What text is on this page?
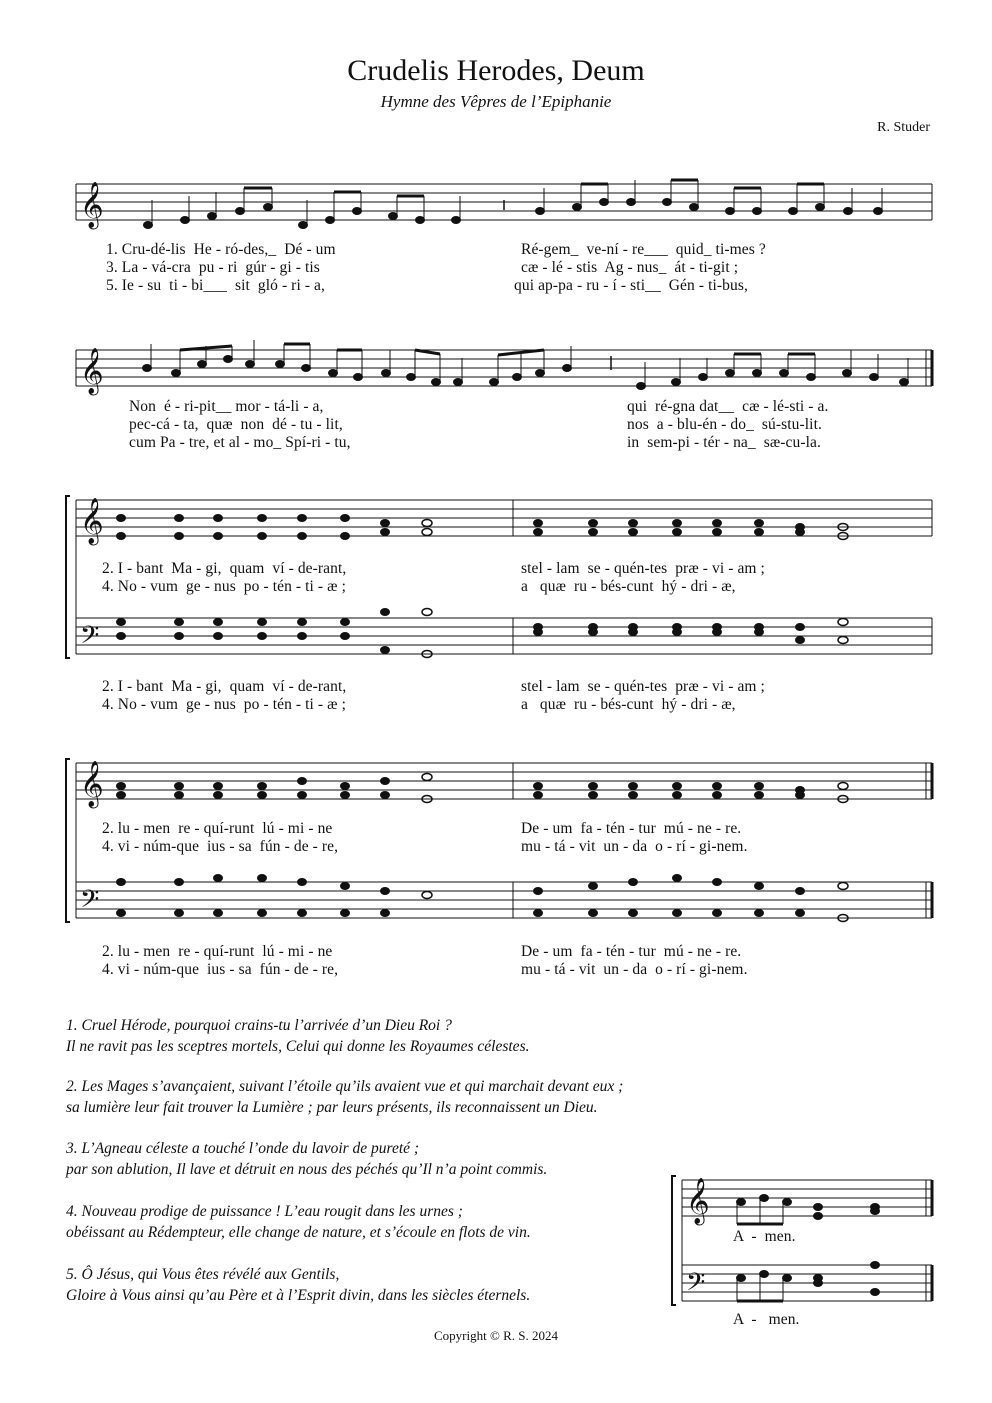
Crudelis Herodes, Deum
Hymne des Vêpres de l’Epiphanie
R. Studer
𝄞
𝄞
𝄞
𝄢
𝄞
𝄢
𝄞
𝄢
1. Cru-dé-lis  He - ró-des,_  Dé - um
3. La - vá-cra  pu - ri  gúr - gi - tis
5. Ie - su  ti - bi___  sit  gló - ri - a,
Ré-gem_  ve-ní - re___  quid_ ti-mes ?
cæ - lé - stis  Ag - nus_  át - ti-git ;
qui ap-pa - ru - í - sti__  Gén - ti-bus,
Non  é - ri-pit__ mor - tá-li - a,
pec-cá - ta,  quæ  non  dé - tu - lit,
cum Pa - tre, et al - mo_ Spí-ri - tu,
qui  ré-gna dat__  cæ - lé-sti - a.
nos  a - blu-én - do_  sú-stu-lit.
in  sem-pi - tér - na_  sæ-cu-la.
2. I - bant  Ma - gi,  quam  ví - de-rant,
4. No - vum  ge - nus  po - tén - ti - æ ;
stel - lam  se - quén-tes  præ - vi - am ;
a   quæ  ru - bés-cunt  hý - dri - æ,
2. I - bant  Ma - gi,  quam  ví - de-rant,
4. No - vum  ge - nus  po - tén - ti - æ ;
stel - lam  se - quén-tes  præ - vi - am ;
a   quæ  ru - bés-cunt  hý - dri - æ,
2. lu - men  re - quí-runt  lú - mi - ne
4. vi - núm-que  ius - sa  fún - de - re,
De - um  fa - tén - tur  mú - ne - re.
mu - tá - vit  un - da  o - rí - gi-nem.
2. lu - men  re - quí-runt  lú - mi - ne
4. vi - núm-que  ius - sa  fún - de - re,
De - um  fa - tén - tur  mú - ne - re.
mu - tá - vit  un - da  o - rí - gi-nem.
1. Cruel Hérode, pourquoi crains-tu l’arrivée d’un Dieu Roi ?
Il ne ravit pas les sceptres mortels, Celui qui donne les Royaumes célestes.
2. Les Mages s’avançaient, suivant l’étoile qu’ils avaient vue et qui marchait devant eux ;
sa lumière leur fait trouver la Lumière ; par leurs présents, ils reconnaissent un Dieu.
3. L’Agneau céleste a touché l’onde du lavoir de pureté ;
par son ablution, Il lave et détruit en nous des péchés qu’Il n’a point commis.
4. Nouveau prodige de puissance ! L’eau rougit dans les urnes ;
obéissant au Rédempteur, elle change de nature, et s’écoule en flots de vin.
5. Ô Jésus, qui Vous êtes révélé aux Gentils,
Gloire à Vous ainsi qu’au Père et à l’Esprit divin, dans les siècles éternels.
A  -  men.
A  -   men.
Copyright © R. S. 2024
